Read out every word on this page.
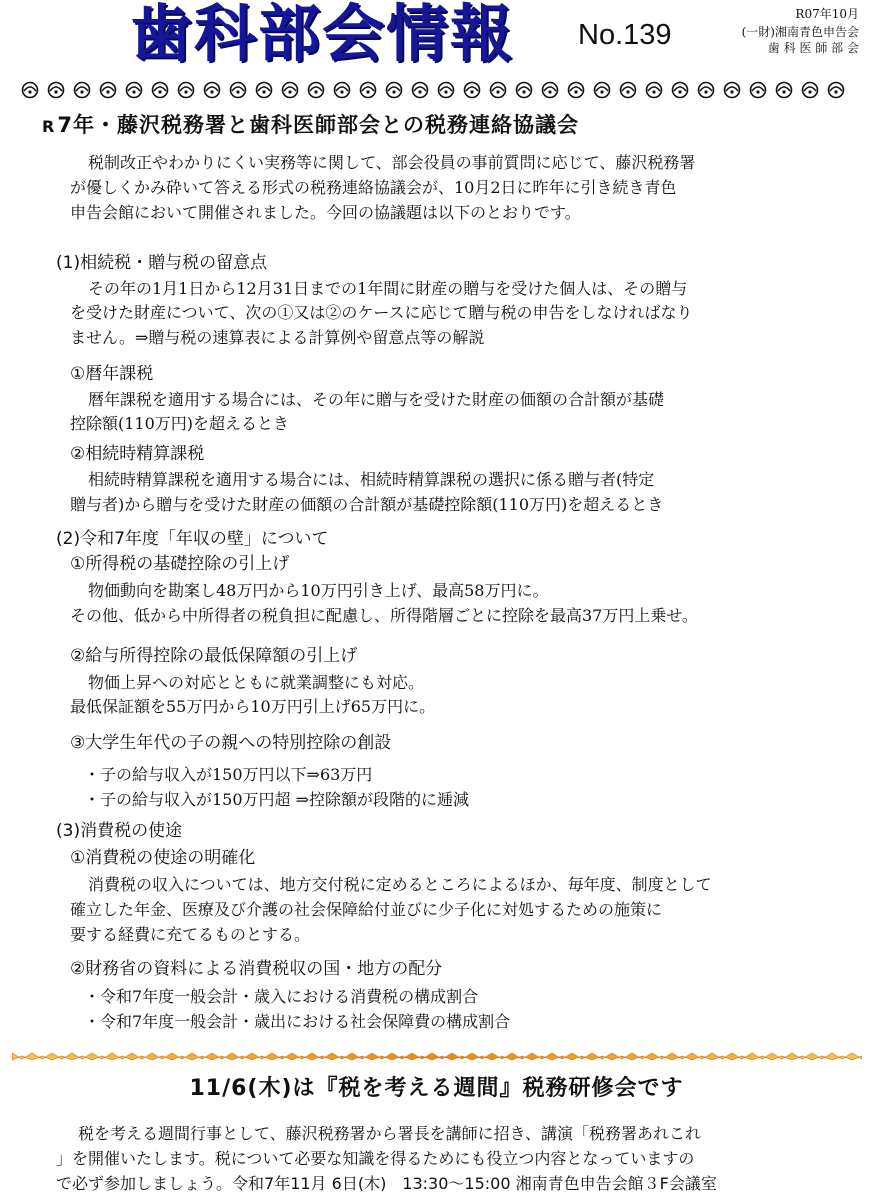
歯科部会情報 No.139
R07年10月
(一財)湘南青色申告会
歯 科 医 師 部 会
R7年・藤沢税務署と歯科医師部会との税務連絡協議会
税制改正やわかりにくい実務等に関して、部会役員の事前質問に応じて、藤沢税務署
が優しくかみ砕いて答える形式の税務連絡協議会が、10月2日に昨年に引き続き青色
申告会館において開催されました。今回の協議題は以下のとおりです。
(1)相続税・贈与税の留意点
その年の1月1日から12月31日までの1年間に財産の贈与を受けた個人は、その贈与
を受けた財産について、次の①又は②のケースに応じて贈与税の申告をしなければなり
ません。⇒贈与税の速算表による計算例や留意点等の解説
①暦年課税
暦年課税を適用する場合には、その年に贈与を受けた財産の価額の合計額が基礎
控除額(110万円)を超えるとき
②相続時精算課税
相続時精算課税を適用する場合には、相続時精算課税の選択に係る贈与者(特定
贈与者)から贈与を受けた財産の価額の合計額が基礎控除額(110万円)を超えるとき
(2)令和7年度「年収の壁」について
①所得税の基礎控除の引上げ
物価動向を勘案し48万円から10万円引き上げ、最高58万円に。
その他、低から中所得者の税負担に配慮し、所得階層ごとに控除を最高37万円上乗せ。
②給与所得控除の最低保障額の引上げ
物価上昇への対応とともに就業調整にも対応。
最低保証額を55万円から10万円引上げ65万円に。
③大学生年代の子の親への特別控除の創設
・子の給与収入が150万円以下⇒63万円
・子の給与収入が150万円超 ⇒控除額が段階的に逓減
(3)消費税の使途
①消費税の使途の明確化
消費税の収入については、地方交付税に定めるところによるほか、毎年度、制度として
確立した年金、医療及び介護の社会保障給付並びに少子化に対処するための施策に
要する経費に充てるものとする。
②財務省の資料による消費税収の国・地方の配分
・令和7年度一般会計・歳入における消費税の構成割合
・令和7年度一般会計・歳出における社会保障費の構成割合
11/6(木)は『税を考える週間』税務研修会です
税を考える週間行事として、藤沢税務署から署長を講師に招き、講演「税務署あれこれ
」を開催いたします。税について必要な知識を得るためにも役立つ内容となっていますの
で必ず参加しましょう。令和7年11月 6日(木)　13:30～15:00 湘南青色申告会館３F会議室
